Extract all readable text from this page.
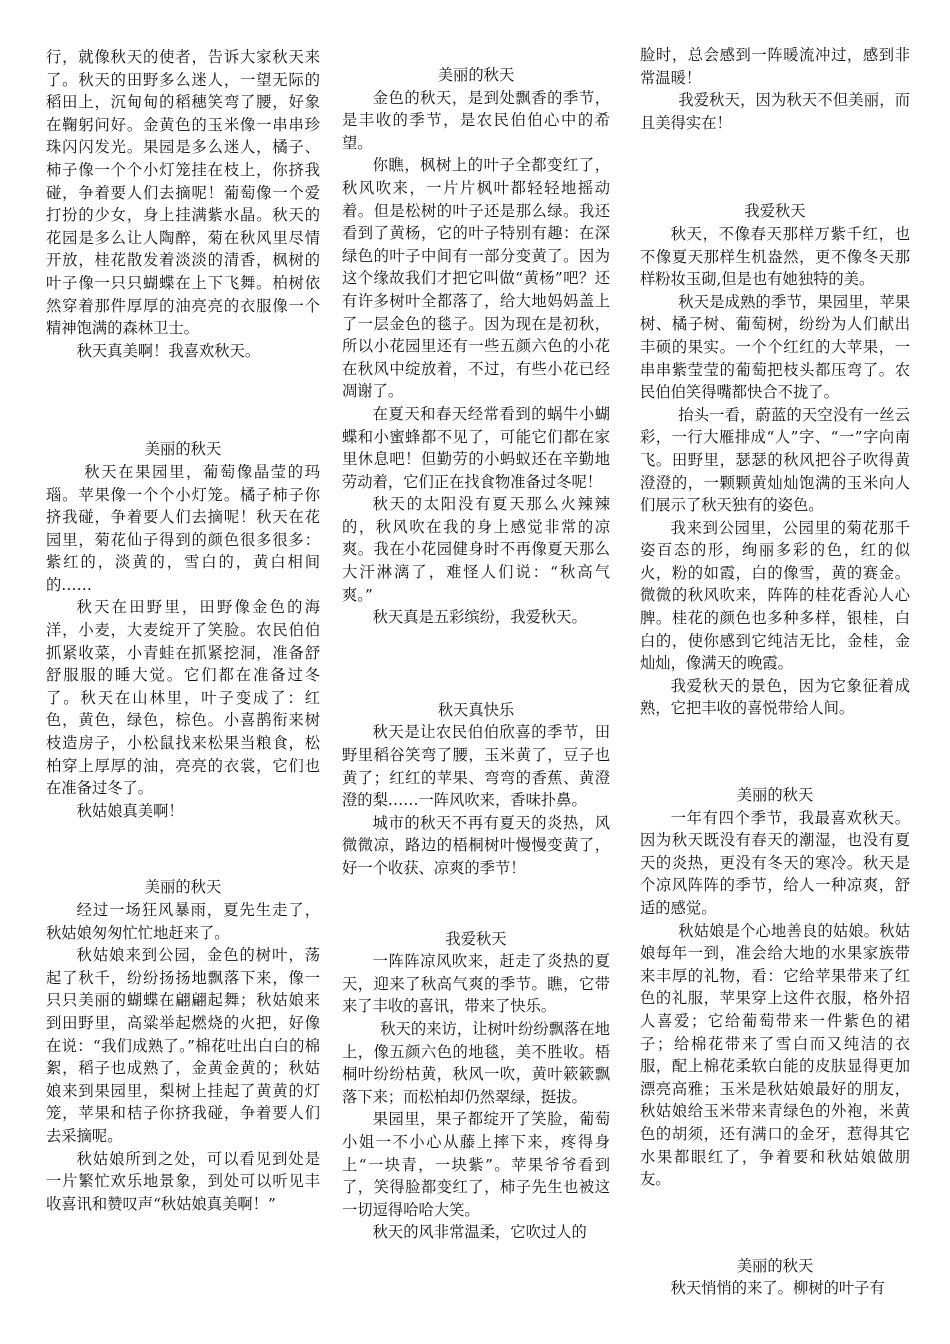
行，就像秋天的使者，告诉大家秋天来了。秋天的田野多么迷人，一望无际的稻田上，沉甸甸的稻穗笑弯了腰，好象在鞠躬问好。金黄色的玉米像一串串珍珠闪闪发光。果园是多么迷人，橘子、柿子像一个个小灯笼挂在枝上，你挤我碰，争着要人们去摘呢！葡萄像一个爱打扮的少女，身上挂满紫水晶。秋天的花园是多么让人陶醉，菊在秋风里尽情开放，桂花散发着淡淡的清香，枫树的叶子像一只只蝴蝶在上下飞舞。柏树依然穿着那件厚厚的油亮亮的衣服像一个精神饱满的森林卫士。

秋天真美啊！我喜欢秋天。

美丽的秋天

秋天在果园里，葡萄像晶莹的玛瑙。苹果像一个个小灯笼。橘子柿子你挤我碰，争着要人们去摘呢！秋天在花园里，菊花仙子得到的颜色很多很多：紫红的，淡黄的，雪白的，黄白相间的……

秋天在田野里，田野像金色的海洋，小麦，大麦绽开了笑脸。农民伯伯抓紧收菜，小青蛙在抓紧挖洞，准备舒舒服服的睡大觉。它们都在准备过冬了。秋天在山林里，叶子变成了：红色，黄色，绿色，棕色。小喜鹊衔来树枝造房子，小松鼠找来松果当粮食，松柏穿上厚厚的油，亮亮的衣裳，它们也在准备过冬了。

秋姑娘真美啊！

美丽的秋天

经过一场狂风暴雨，夏先生走了，秋姑娘匆匆忙忙地赶来了。

秋姑娘来到公园，金色的树叶，荡起了秋千，纷纷扬扬地飘落下来，像一只只美丽的蝴蝶在翩翩起舞；秋姑娘来到田野里，高粱举起燃烧的火把，好像在说：“我们成熟了。”棉花吐出白白的棉絮，稻子也成熟了，金黄金黄的；秋姑娘来到果园里，梨树上挂起了黄黄的灯笼，苹果和桔子你挤我碰，争着要人们去采摘呢。

秋姑娘所到之处，可以看见到处是一片繁忙欢乐地景象，到处可以听见丰收喜讯和赞叹声“秋姑娘真美啊！”

美丽的秋天

金色的秋天，是到处飘香的季节，是丰收的季节，是农民伯伯心中的希望。

你瞧，枫树上的叶子全都变红了，秋风吹来，一片片枫叶都轻轻地摇动着。但是松树的叶子还是那么绿。我还看到了黄杨，它的叶子特别有趣：在深绿色的叶子中间有一部分变黄了。因为这个缘故我们才把它叫做“黄杨”吧？还有许多树叶全都落了，给大地妈妈盖上了一层金色的毯子。因为现在是初秋，所以小花园里还有一些五颜六色的小花在秋风中绽放着，不过，有些小花已经凋谢了。

在夏天和春天经常看到的蜗牛小蝴蝶和小蜜蜂都不见了，可能它们都在家里休息吧！但勤劳的小蚂蚁还在辛勤地劳动着，它们正在找食物准备过冬呢！

秋天的太阳没有夏天那么火辣辣的，秋风吹在我的身上感觉非常的凉爽。我在小花园健身时不再像夏天那么大汗淋漓了，难怪人们说：“秋高气爽。”

秋天真是五彩缤纷，我爱秋天。

秋天真快乐

秋天是让农民伯伯欣喜的季节，田野里稻谷笑弯了腰，玉米黄了，豆子也黄了；红红的苹果、弯弯的香蕉、黄澄澄的梨……一阵风吹来，香味扑鼻。

城市的秋天不再有夏天的炎热，风微微凉，路边的梧桐树叶慢慢变黄了，好一个收获、凉爽的季节！

我爱秋天

一阵阵凉风吹来，赶走了炎热的夏天，迎来了秋高气爽的季节。瞧，它带来了丰收的喜讯，带来了快乐。

秋天的来访，让树叶纷纷飘落在地上，像五颜六色的地毯，美不胜收。梧桐叶纷纷枯黄，秋风一吹，黄叶簌簌飘落下来；而松柏却仍然翠绿，挺拔。

果园里，果子都绽开了笑脸，葡萄小姐一不小心从藤上摔下来，疼得身上“一块青，一块紫”。苹果爷爷看到了，笑得脸都变红了，柿子先生也被这一切逗得哈哈大笑。

秋天的风非常温柔，它吹过人的

脸时，总会感到一阵暖流冲过，感到非常温暖！

我爱秋天，因为秋天不但美丽，而且美得实在！

我爱秋天

秋天，不像春天那样万紫千红，也不像夏天那样生机盎然，更不像冬天那样粉妆玉砌,但是也有她独特的美。

秋天是成熟的季节，果园里，苹果树、橘子树、葡萄树，纷纷为人们献出丰硕的果实。一个个红红的大苹果，一串串紫莹莹的葡萄把枝头都压弯了。农民伯伯笑得嘴都快合不拢了。

抬头一看，蔚蓝的天空没有一丝云彩，一行大雁排成“人”字、“一”字向南飞。田野里，瑟瑟的秋风把谷子吹得黄澄澄的，一颗颗黄灿灿饱满的玉米向人们展示了秋天独有的姿色。

我来到公园里，公园里的菊花那千姿百态的形，绚丽多彩的色，红的似火，粉的如霞，白的像雪，黄的赛金。微微的秋风吹来，阵阵的桂花香沁人心脾。桂花的颜色也多种多样，银桂，白白的，使你感到它纯洁无比，金桂，金灿灿，像满天的晚霞。

我爱秋天的景色，因为它象征着成熟，它把丰收的喜悦带给人间。

美丽的秋天

一年有四个季节，我最喜欢秋天。因为秋天既没有春天的潮湿，也没有夏天的炎热，更没有冬天的寒冷。秋天是个凉风阵阵的季节，给人一种凉爽，舒适的感觉。

秋姑娘是个心地善良的姑娘。秋姑娘每年一到，准会给大地的水果家族带来丰厚的礼物，看：它给苹果带来了红色的礼服，苹果穿上这件衣服，格外招人喜爱；它给葡萄带来一件紫色的裙子；给棉花带来了雪白而又纯洁的衣服，配上棉花柔软白能的皮肤显得更加漂亮高雅；玉米是秋姑娘最好的朋友，秋姑娘给玉米带来青绿色的外袍，米黄色的胡须，还有满口的金牙，惹得其它水果都眼红了，争着要和秋姑娘做朋友。

美丽的秋天

秋天悄悄的来了。柳树的叶子有
